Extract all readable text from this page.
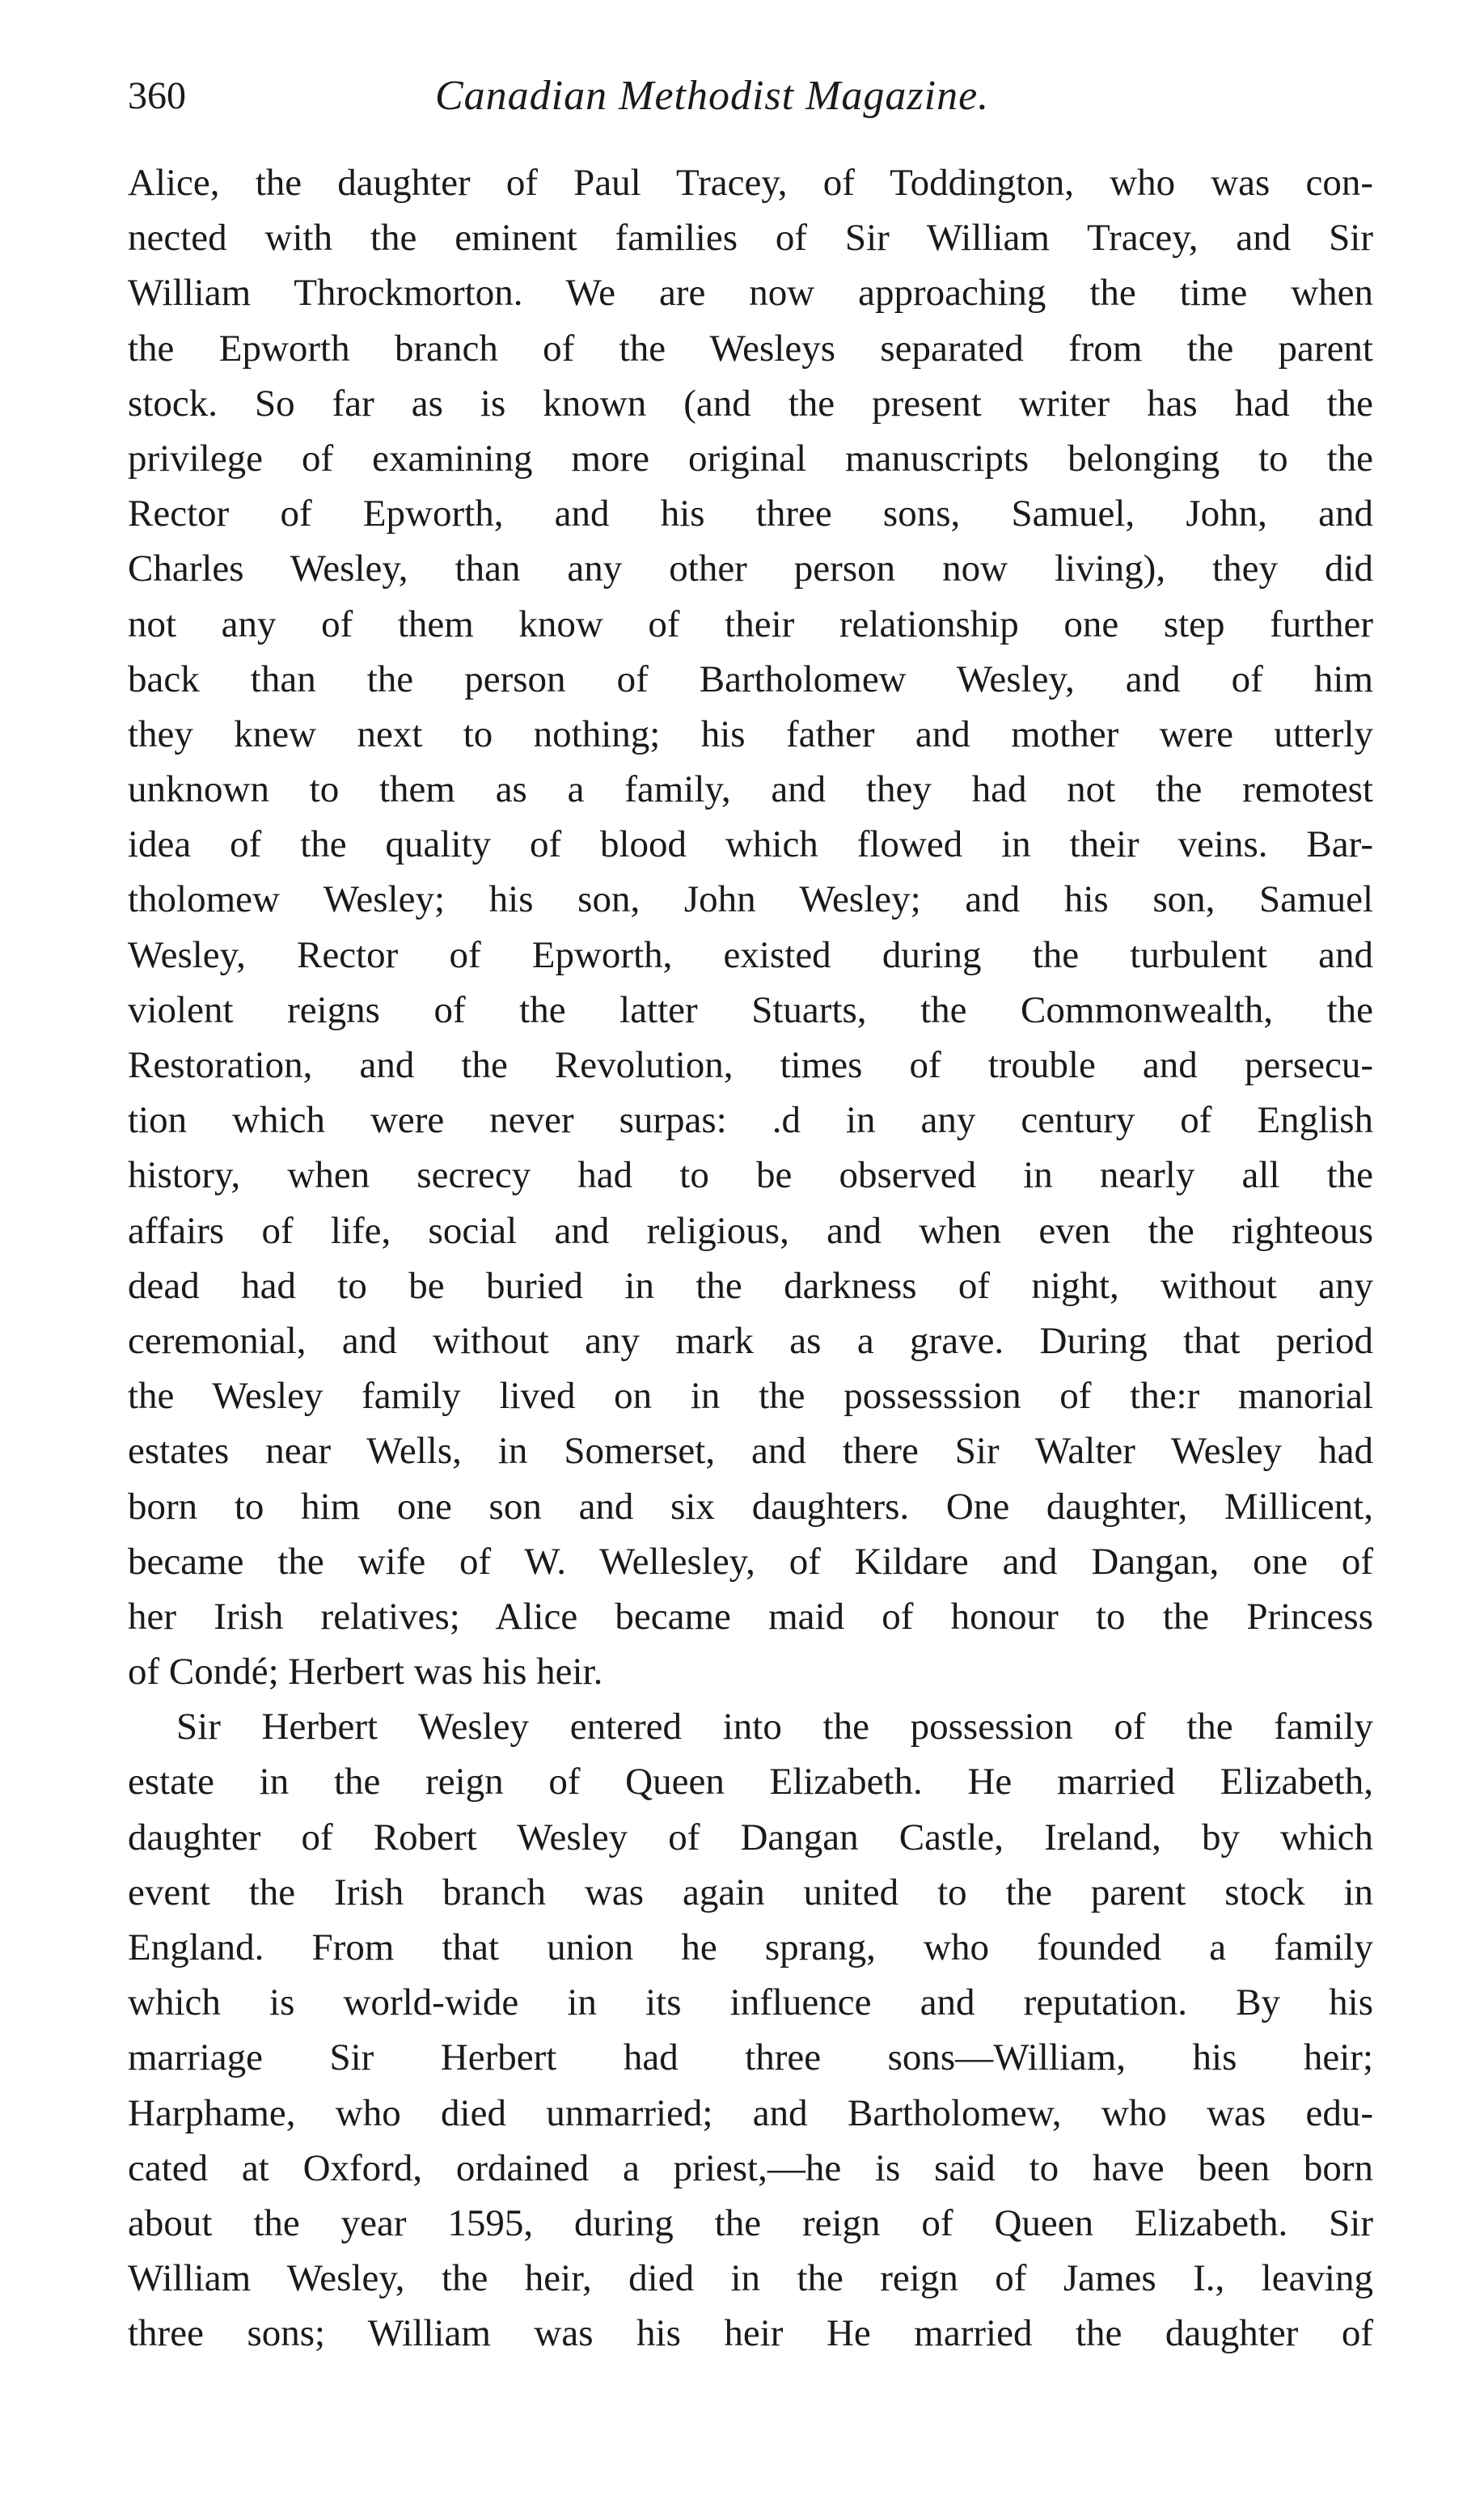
360	Canadian Methodist Magazine.
Alice, the daughter of Paul Tracey, of Toddington, who was con-
nected with the eminent families of Sir William Tracey, and Sir
William Throckmorton. We are now approaching the time when
the Epworth branch of the Wesleys separated from the parent
stock. So far as is known (and the present writer has had the
privilege of examining more original manuscripts belonging to the
Rector of Epworth, and his three sons, Samuel, John, and
Charles Wesley, than any other person now living), they did
not any of them know of their relationship one step further
back than the person of Bartholomew Wesley, and of him
they knew next to nothing; his father and mother were utterly
unknown to them as a family, and they had not the remotest
idea of the quality of blood which flowed in their veins. Bar-
tholomew Wesley; his son, John Wesley; and his son, Samuel
Wesley, Rector of Epworth, existed during the turbulent and
violent reigns of the latter Stuarts, the Commonwealth, the
Restoration, and the Revolution, times of trouble and persecu-
tion which were never surpas: .d in any century of English
history, when secrecy had to be observed in nearly all the
affairs of life, social and religious, and when even the righteous
dead had to be buried in the darkness of night, without any
ceremonial, and without any mark as a grave. During that period
the Wesley family lived on in the possesssion of the:r manorial
estates near Wells, in Somerset, and there Sir Walter Wesley had
born to him one son and six daughters. One daughter, Millicent,
became the wife of W. Wellesley, of Kildare and Dangan, one of
her Irish relatives; Alice became maid of honour to the Princess
of Condé; Herbert was his heir.
Sir Herbert Wesley entered into the possession of the family
estate in the reign of Queen Elizabeth. He married Elizabeth,
daughter of Robert Wesley of Dangan Castle, Ireland, by which
event the Irish branch was again united to the parent stock in
England. From that union he sprang, who founded a family
which is world-wide in its influence and reputation. By his
marriage Sir Herbert had three sons—William, his heir;
Harphame, who died unmarried; and Bartholomew, who was edu-
cated at Oxford, ordained a priest,—he is said to have been born
about the year 1595, during the reign of Queen Elizabeth. Sir
William Wesley, the heir, died in the reign of James I., leaving
three sons; William was his heir He married the daughter of
